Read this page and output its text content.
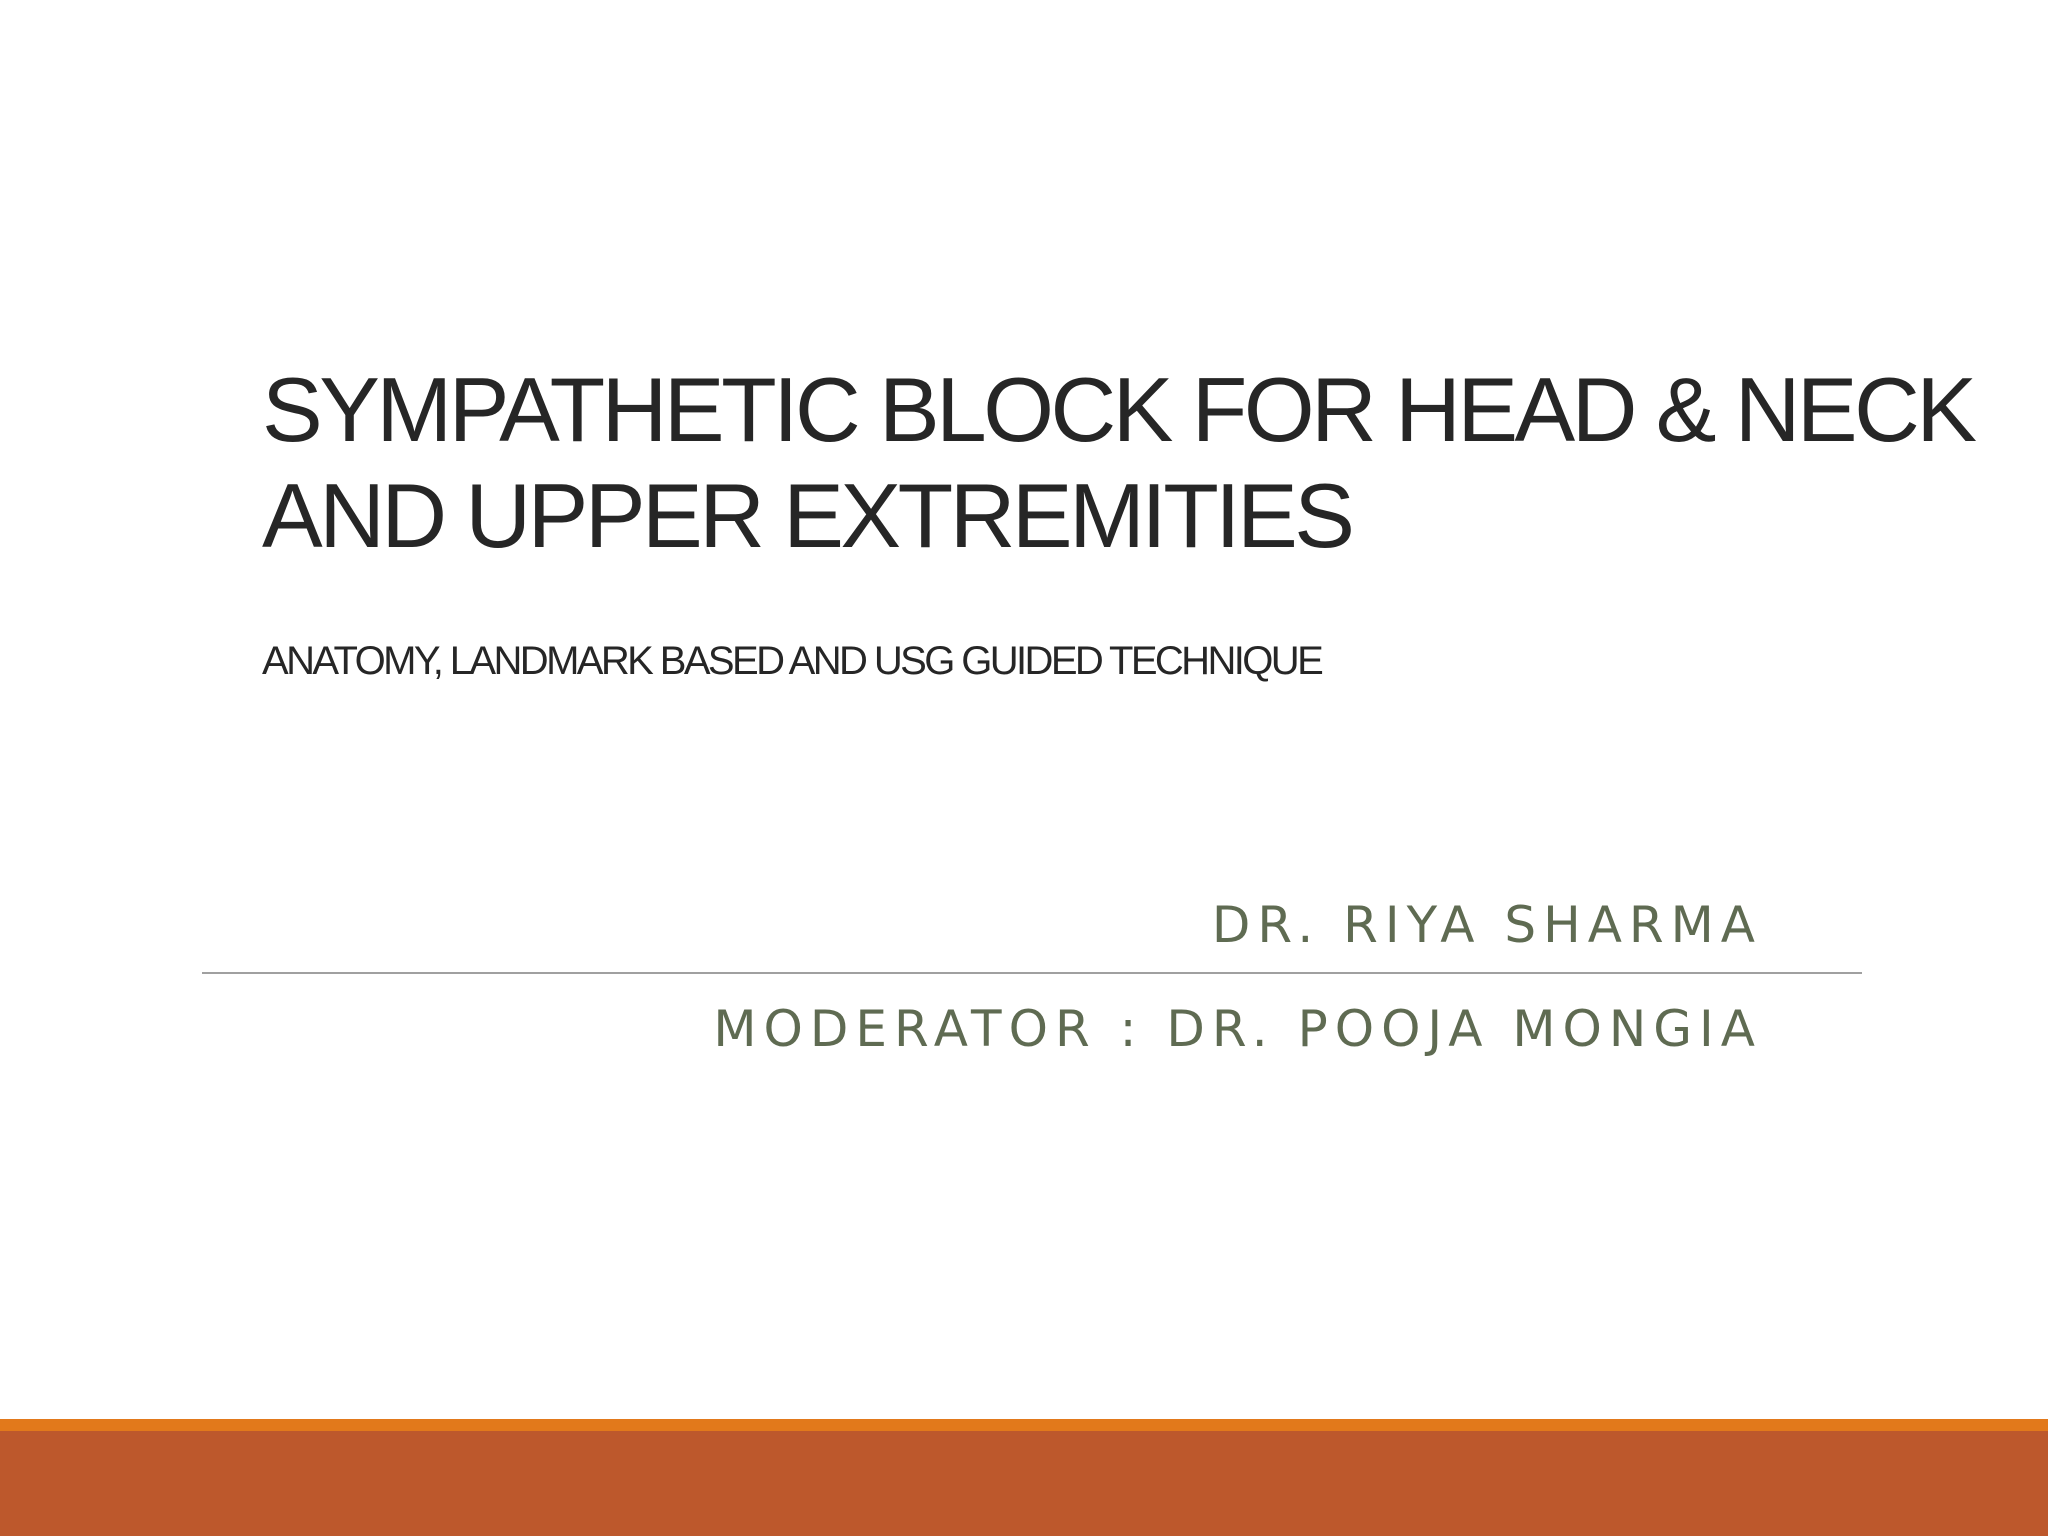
SYMPATHETIC BLOCK FOR HEAD & NECK
AND UPPER EXTREMITIES
ANATOMY, LANDMARK BASED AND USG GUIDED TECHNIQUE
DR. RIYA SHARMA
MODERATOR : DR. POOJA MONGIA
